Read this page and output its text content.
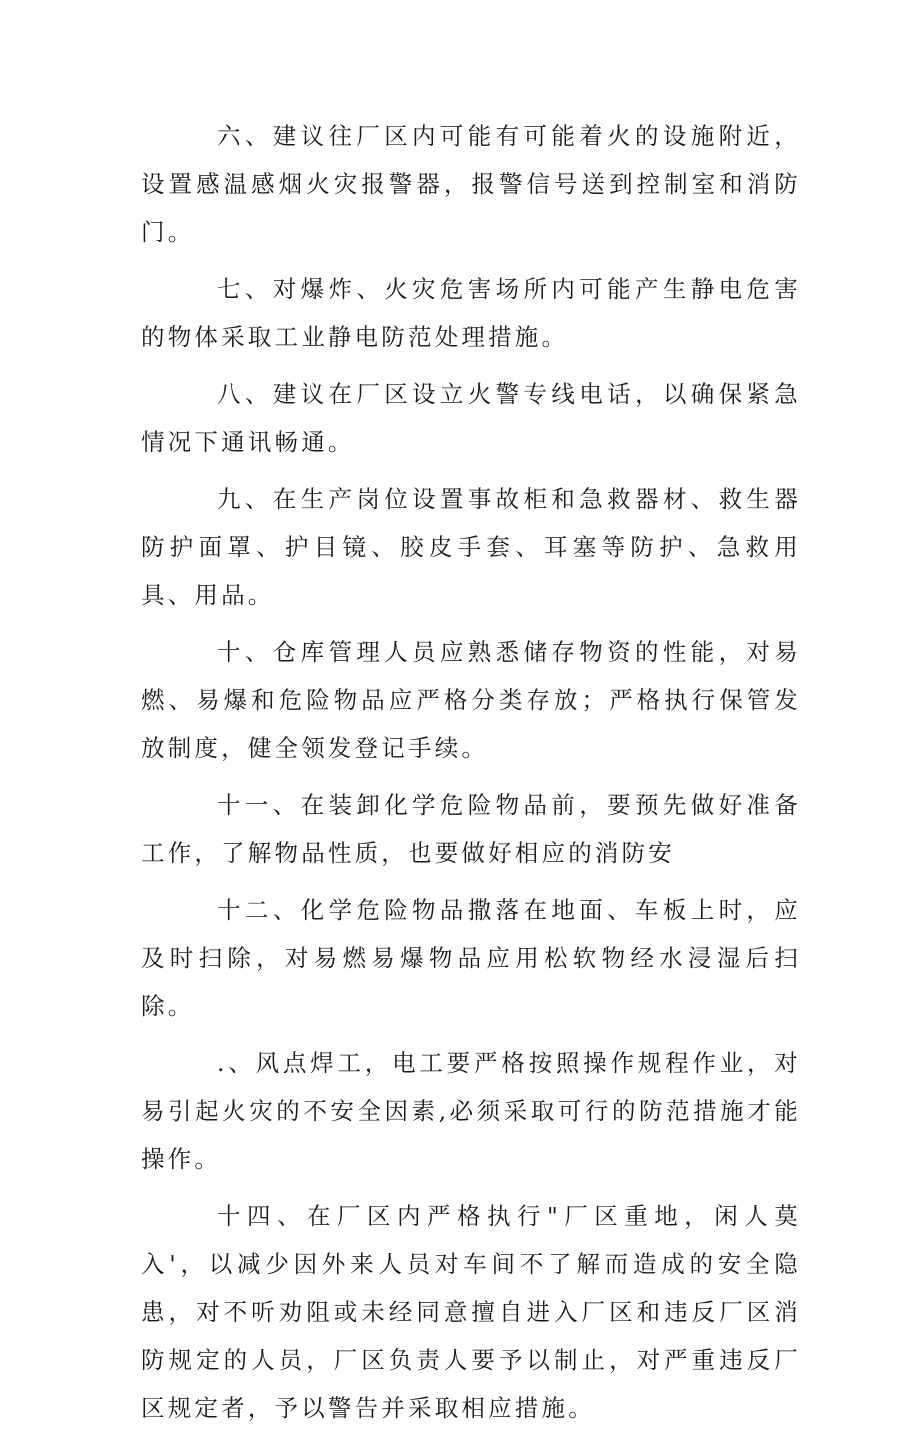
六、建议往厂区内可能有可能着火的设施附近，设置感温感烟火灾报警器，报警信号送到控制室和消防门。

七、对爆炸、火灾危害场所内可能产生静电危害的物体采取工业静电防范处理措施。

八、建议在厂区设立火警专线电话，以确保紧急情况下通讯畅通。

九、在生产岗位设置事故柜和急救器材、救生器防护面罩、护目镜、胶皮手套、耳塞等防护、急救用具、用品。

十、仓库管理人员应熟悉储存物资的性能，对易燃、易爆和危险物品应严格分类存放；严格执行保管发放制度，健全领发登记手续。

十一、在装卸化学危险物品前，要预先做好准备工作，了解物品性质，也要做好相应的消防安

十二、化学危险物品撒落在地面、车板上时，应及时扫除，对易燃易爆物品应用松软物经水浸湿后扫除。

.、风点焊工，电工要严格按照操作规程作业，对易引起火灾的不安全因素,必须采取可行的防范措施才能操作。

十四、在厂区内严格执行"厂区重地，闲人莫入'，以减少因外来人员对车间不了解而造成的安全隐患，对不听劝阻或未经同意擅自进入厂区和违反厂区消防规定的人员，厂区负责人要予以制止，对严重违反厂区规定者，予以警告并采取相应措施。
